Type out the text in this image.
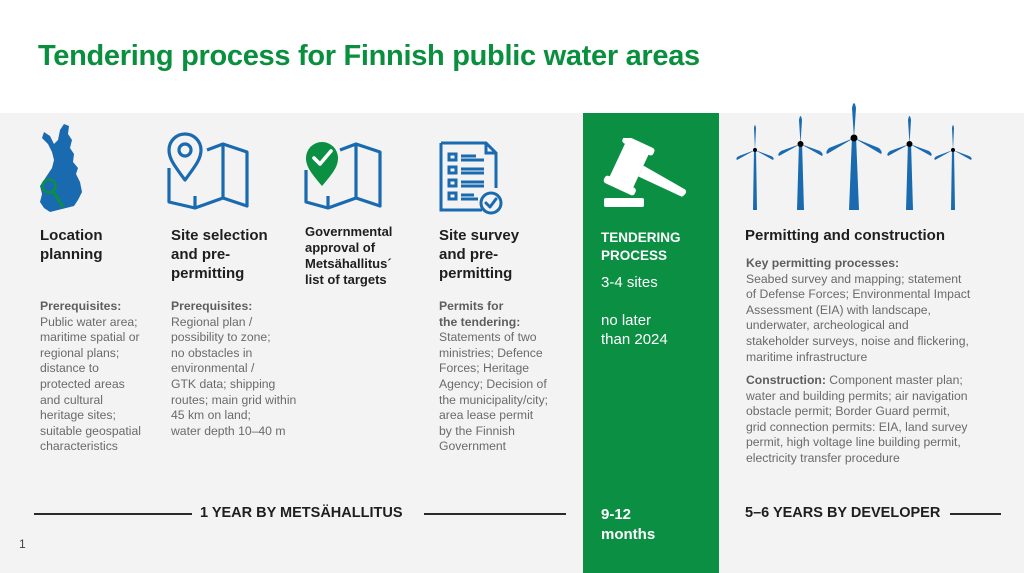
Tendering process for Finnish public water areas
Location
planning
Prerequisites:
Public water area;
maritime spatial or
regional plans;
distance to
protected areas
and cultural
heritage sites;
suitable geospatial
characteristics
Site selection
and pre-
permitting
Prerequisites:
Regional plan /
possibility to zone;
no obstacles in
environmental /
GTK data; shipping
routes; main grid within
45 km on land;
water depth 10–40 m
Governmental
approval of
Metsähallitus´
list of targets
Site survey
and pre-
permitting
Permits for
the tendering:
Statements of two
ministries; Defence
Forces; Heritage
Agency; Decision of
the municipality/city;
area lease permit
by the Finnish
Government
TENDERING
PROCESS
3-4 sites
no later
than 2024
9-12
months
Permitting and construction
Key permitting processes:
Seabed survey and mapping; statement
of Defense Forces; Environmental Impact
Assessment (EIA) with landscape,
underwater, archeological and
stakeholder surveys, noise and flickering,
maritime infrastructure
Construction: Component master plan;
water and building permits; air navigation
obstacle permit; Border Guard permit,
grid connection permits: EIA, land survey
permit, high voltage line building permit,
electricity transfer procedure
1 YEAR BY METSÄHALLITUS	5–6 YEARS BY DEVELOPER
1
